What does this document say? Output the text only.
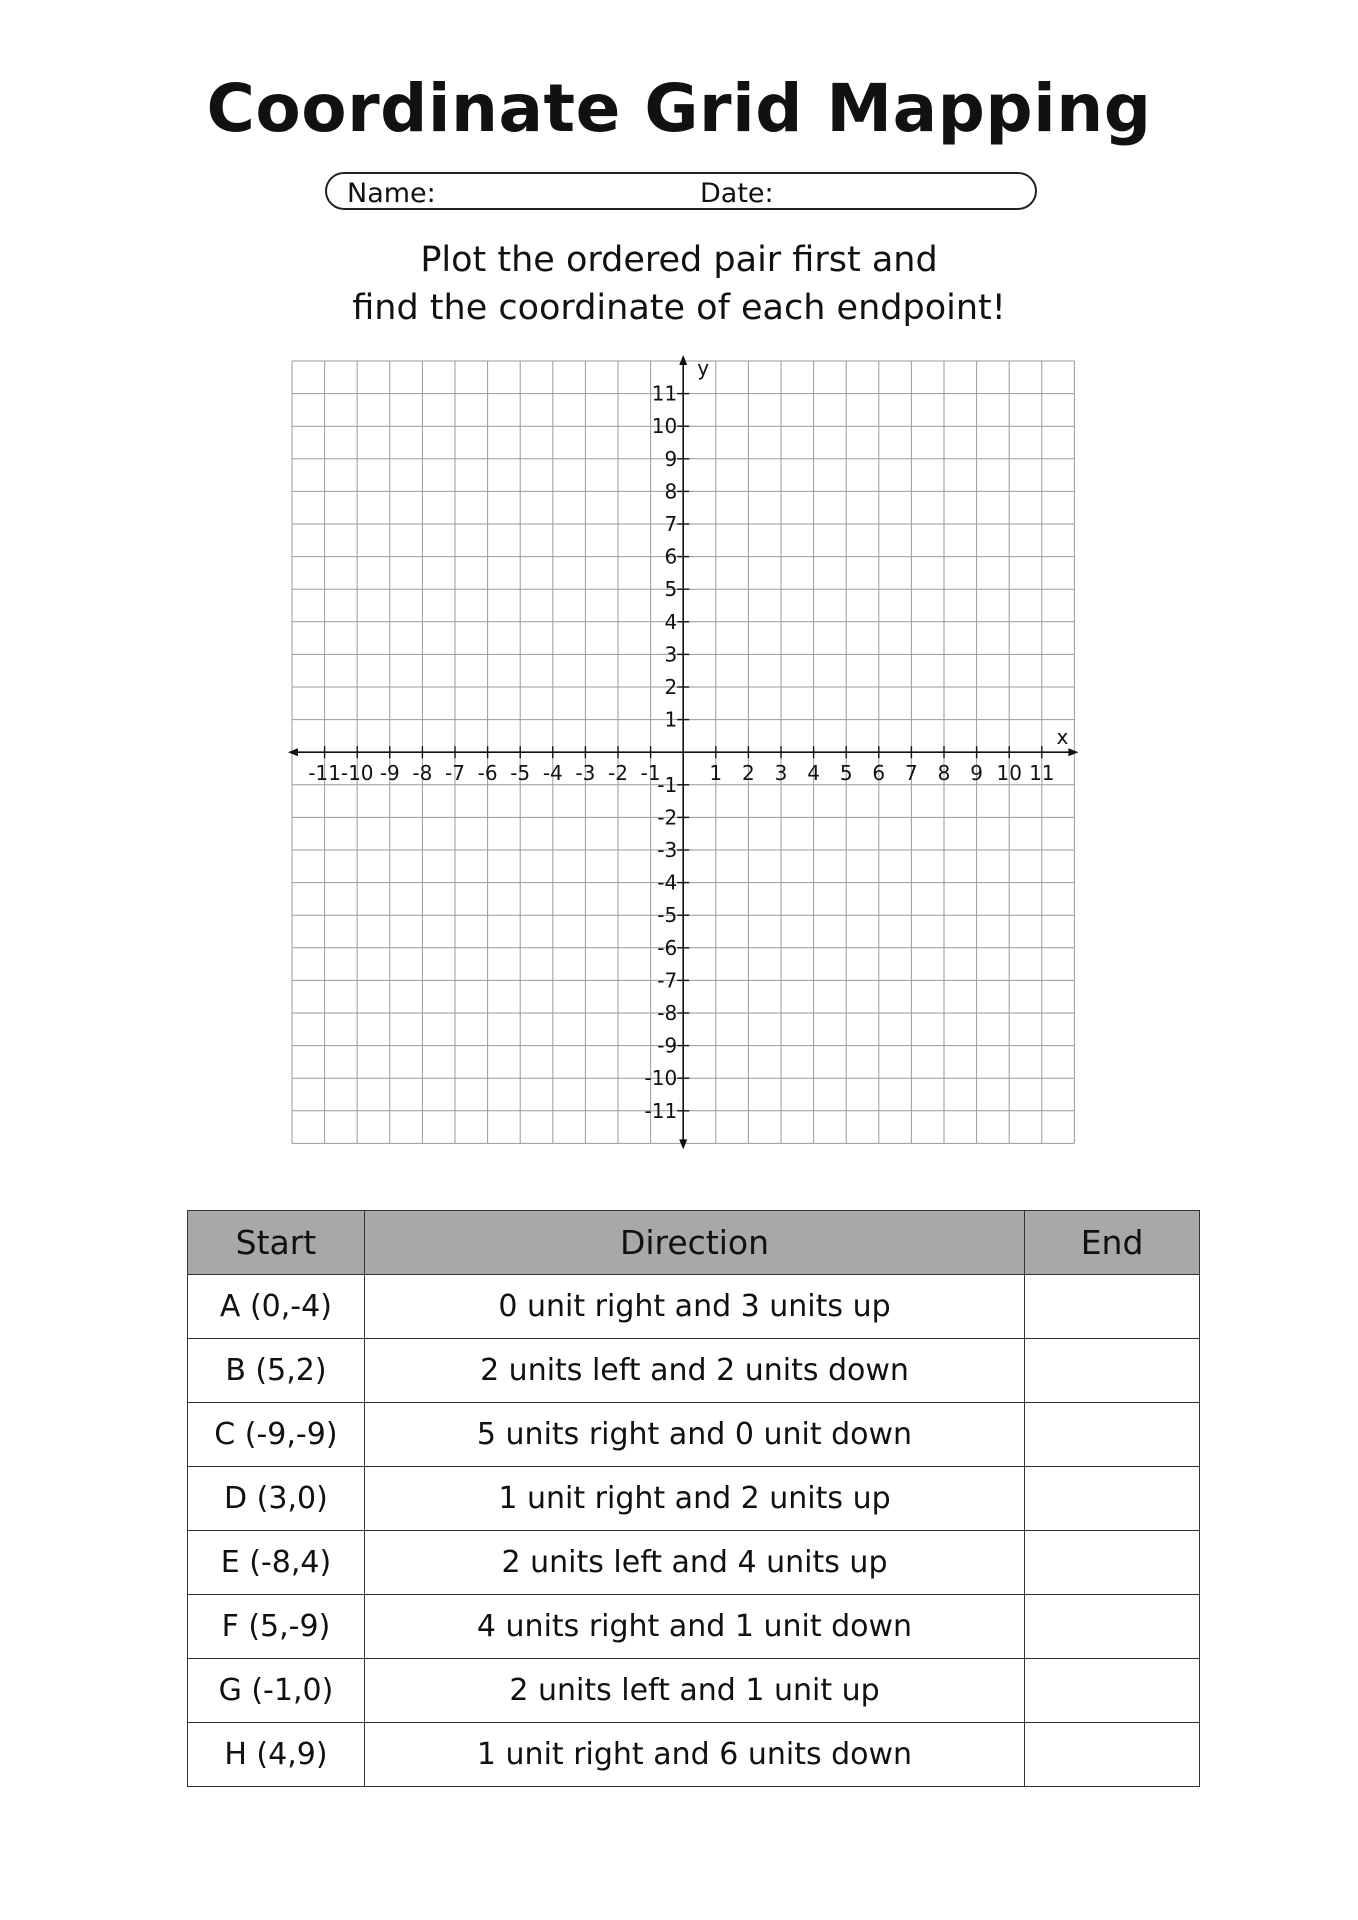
Coordinate Grid Mapping
Name:	Date:
Plot the ordered pair first and
find the coordinate of each endpoint!
-11 -10 -9 -8 -7 -6 -5 -4 -3 -2 -1 1 2 3 4 5 6 7 8 9 10 11
11
10
9
8
7
6
5
4
3
2
1
-1
-2
-3
-4
-5
-6
-7
-8
-9
-10
-11
x
y
Start	Direction	End
A (0,-4)	0 unit right and 3 units up	
B (5,2)	2 units left and 2 units down	
C (-9,-9)	5 units right and 0 unit down	
D (3,0)	1 unit right and 2 units up	
E (-8,4)	2 units left and 4 units up	
F (5,-9)	4 units right and 1 unit down	
G (-1,0)	2 units left and 1 unit up	
H (4,9)	1 unit right and 6 units down	
